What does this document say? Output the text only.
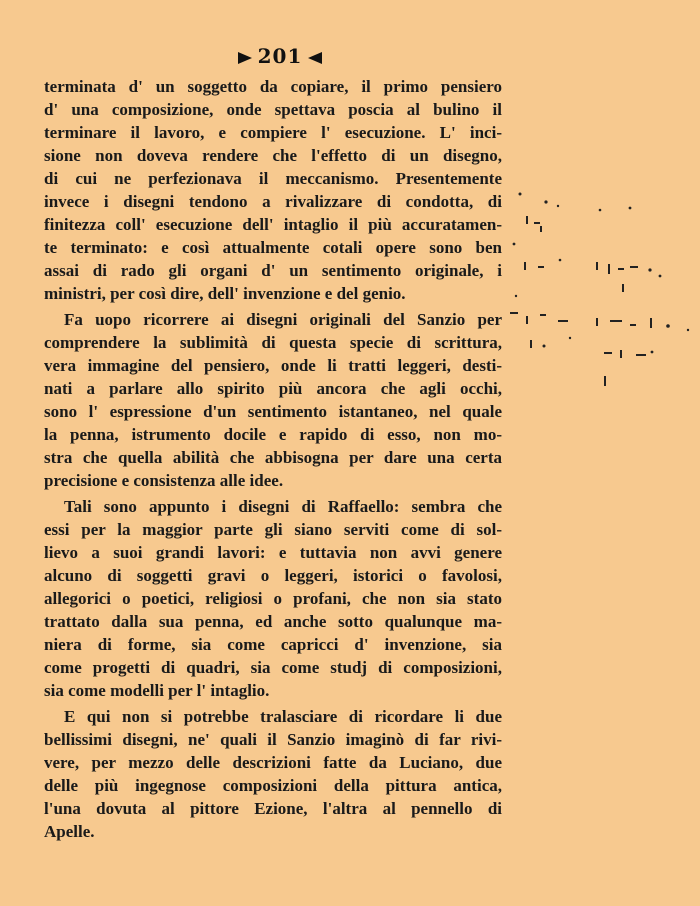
201
terminata d' un soggetto da copiare, il primo pensiero
d' una composizione, onde spettava poscia al bulino il
terminare il lavoro, e compiere l' esecuzione. L' inci-
sione non doveva rendere che l'effetto di un disegno,
di cui ne perfezionava il meccanismo. Presentemente
invece i disegni tendono a rivalizzare di condotta, di
finitezza coll' esecuzione dell' intaglio il più accuratamen-
te terminato: e così attualmente cotali opere sono ben
assai di rado gli organi d' un sentimento originale, i
ministri, per così dire, dell' invenzione e del genio.
Fa uopo ricorrere ai disegni originali del Sanzio per
comprendere la sublimità di questa specie di scrittura,
vera immagine del pensiero, onde li tratti leggeri, desti-
nati a parlare allo spirito più ancora che agli occhi,
sono l' espressione d'un sentimento istantaneo, nel quale
la penna, istrumento docile e rapido di esso, non mo-
stra che quella abilità che abbisogna per dare una certa
precisione e consistenza alle idee.
Tali sono appunto i disegni di Raffaello: sembra che
essi per la maggior parte gli siano serviti come di sol-
lievo a suoi grandi lavori: e tuttavia non avvi genere
alcuno di soggetti gravi o leggeri, istorici o favolosi,
allegorici o poetici, religiosi o profani, che non sia stato
trattato dalla sua penna, ed anche sotto qualunque ma-
niera di forme, sia come capricci d' invenzione, sia
come progetti di quadri, sia come studj di composizioni,
sia come modelli per l' intaglio.
E qui non si potrebbe tralasciare di ricordare li due
bellissimi disegni, ne' quali il Sanzio imaginò di far rivi-
vere, per mezzo delle descrizioni fatte da Luciano, due
delle più ingegnose composizioni della pittura antica,
l'una dovuta al pittore Ezione, l'altra al pennello di
Apelle.
